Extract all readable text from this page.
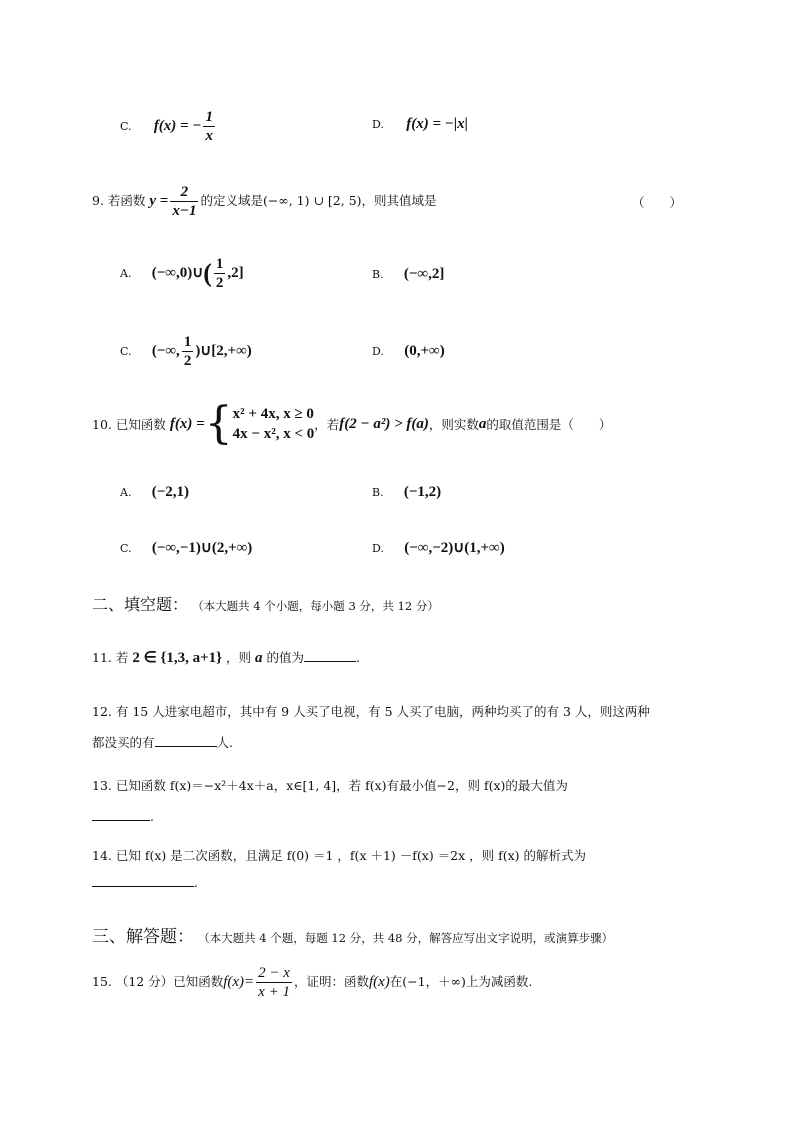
C. f(x) = − $\frac{1}{x}$	D. f(x) = −|x|
9. 若函数 $y = \frac{2}{x-1}$ 的定义域是(−∞, 1) ∪ [2, 5)，则其值域是	（　　）
A. (−∞,0)∪( $\frac{1}{2} ,2$]	B. (−∞,2]
C. (−∞, $\frac{1}{2}$ )∪[2,+∞)	D. (0,+∞)
10. 已知函数 f(x) = { x² + 4x, x ≥ 0
4x − x², x < 0
，若 f(2 − a²) > f(a) ，则实数 a 的取值范围是（　　）
A. (−2,1)	B. (−1,2)
C. (−∞,−1)∪(2,+∞)	D. (−∞,−2)∪(1,+∞)
二、填空题： （本大题共 4 个小题，每小题 3 分，共 12 分）
11. 若 2 ∈ {1,3, a+1} ，则 a 的值为	.
12. 有 15 人进家电超市，其中有 9 人买了电视，有 5 人买了电脑，两种均买了的有 3 人，则这两种
都没买的有	人.
13. 已知函数 f(x)＝−x²＋4x＋a，x∈[1, 4]，若 f(x)有最小值−2，则 f(x)的最大值为
.
14. 已知 f(x) 是二次函数，且满足 f(0) ＝1 ，f(x ＋1) －f(x) ＝2x ，则 f(x) 的解析式为
.
三、解答题： （本大题共 4 个题，每题 12 分，共 48 分，解答应写出文字说明，或演算步骤）
15. （12 分）已知函数$f(x)= \frac{2 - x}{x + 1}$ ，证明：函数f(x)在(−1，＋∞)上为减函数.
